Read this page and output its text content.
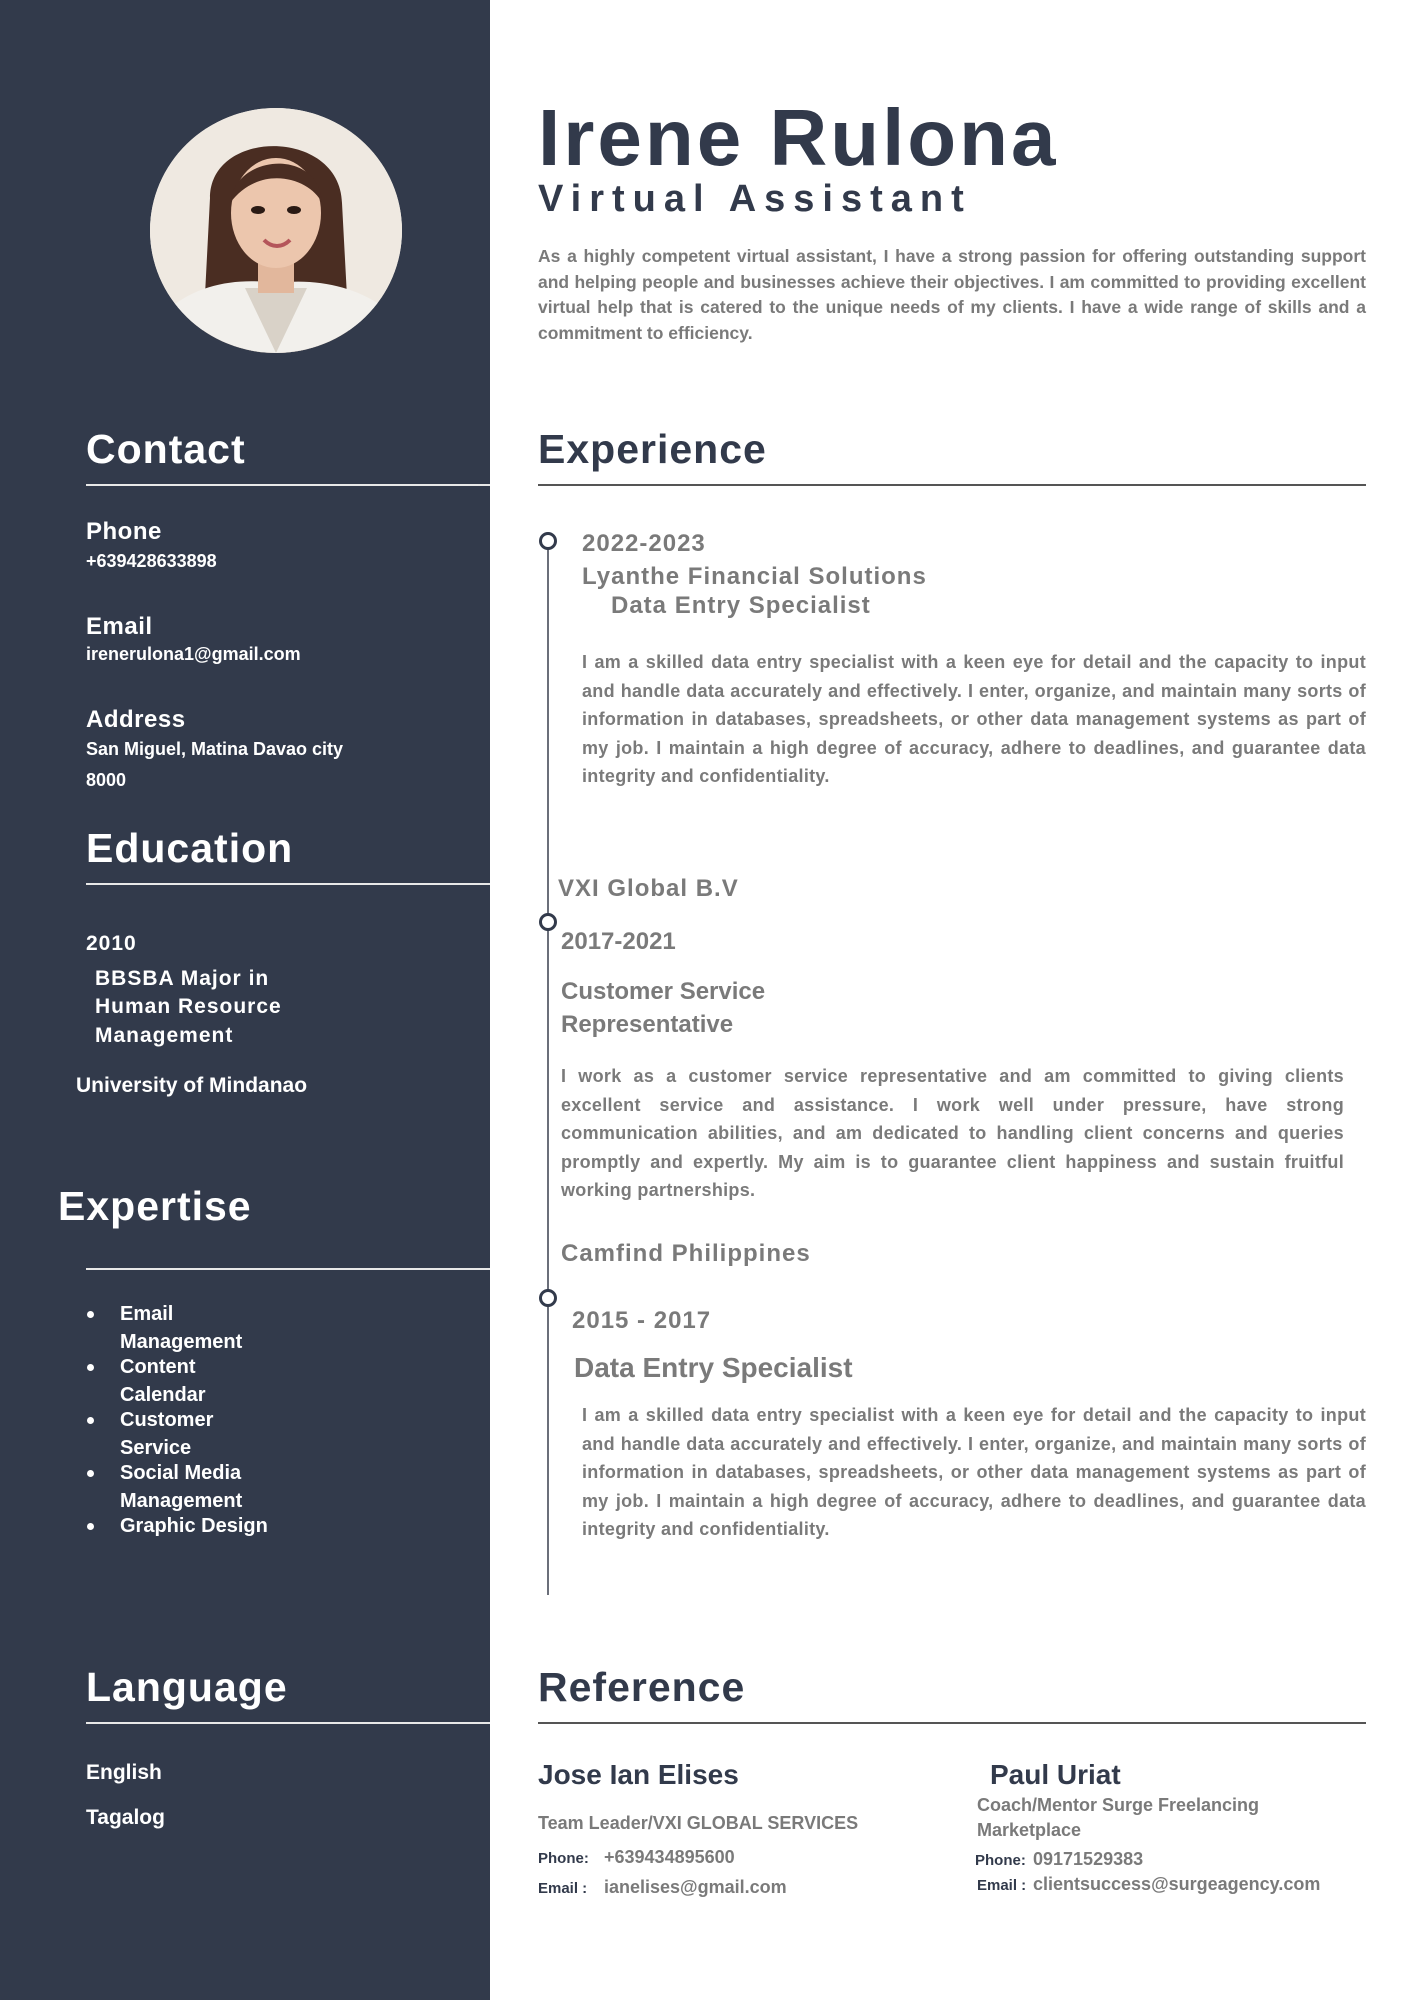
Contact
Phone
+639428633898
Email
irenerulona1@gmail.com
Address
San Miguel, Matina Davao city
8000
Education
2010
BBSBA Major in
Human Resource
Management
University of Mindanao
Expertise
Email
Management
Content
Calendar
Customer
Service
Social Media
Management
Graphic Design
Language
English
Tagalog
Irene Rulona
Virtual Assistant
As a highly competent virtual assistant, I have a strong passion for offering outstanding support and helping people and businesses achieve their objectives. I am committed to providing excellent virtual help that is catered to the unique needs of my clients. I have a wide range of skills and a commitment to efficiency.
Experience
2022-2023
Lyanthe Financial Solutions
Data Entry Specialist
I am a skilled data entry specialist with a keen eye for detail and the capacity to input and handle data accurately and effectively. I enter, organize, and maintain many sorts of information in databases, spreadsheets, or other data management systems as part of my job. I maintain a high degree of accuracy, adhere to deadlines, and guarantee data integrity and confidentiality.
VXI Global B.V
2017-2021
Customer Service
Representative
I work as a customer service representative and am committed to giving clients excellent service and assistance. I work well under pressure, have strong communication abilities, and am dedicated to handling client concerns and queries promptly and expertly. My aim is to guarantee client happiness and sustain fruitful working partnerships.
Camfind Philippines
2015 - 2017
Data Entry Specialist
I am a skilled data entry specialist with a keen eye for detail and the capacity to input and handle data accurately and effectively. I enter, organize, and maintain many sorts of information in databases, spreadsheets, or other data management systems as part of my job. I maintain a high degree of accuracy, adhere to deadlines, and guarantee data integrity and confidentiality.
Reference
Jose Ian Elises
Team Leader/VXI GLOBAL SERVICES
Phone: +639434895600
Email : ianelises@gmail.com
Paul Uriat
Coach/Mentor Surge Freelancing
Marketplace
Phone: 09171529383
Email : clientsuccess@surgeagency.com
